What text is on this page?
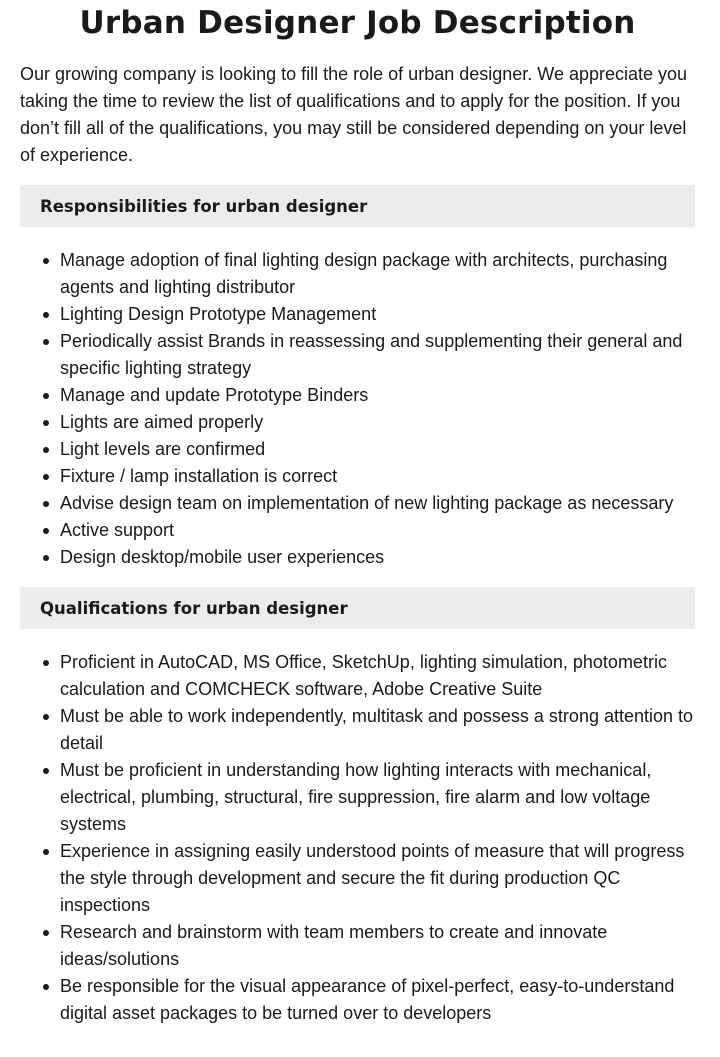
Urban Designer Job Description

Our growing company is looking to fill the role of urban designer. We appreciate you taking the time to review the list of qualifications and to apply for the position. If you don’t fill all of the qualifications, you may still be considered depending on your level of experience.

Responsibilities for urban designer
Manage adoption of final lighting design package with architects, purchasing agents and lighting distributor
Lighting Design Prototype Management
Periodically assist Brands in reassessing and supplementing their general and specific lighting strategy
Manage and update Prototype Binders
Lights are aimed properly
Light levels are confirmed
Fixture / lamp installation is correct
Advise design team on implementation of new lighting package as necessary
Active support
Design desktop/mobile user experiences
Qualifications for urban designer
Proficient in AutoCAD, MS Office, SketchUp, lighting simulation, photometric calculation and COMCHECK software, Adobe Creative Suite
Must be able to work independently, multitask and possess a strong attention to detail
Must be proficient in understanding how lighting interacts with mechanical, electrical, plumbing, structural, fire suppression, fire alarm and low voltage systems
Experience in assigning easily understood points of measure that will progress the style through development and secure the fit during production QC inspections
Research and brainstorm with team members to create and innovate ideas/solutions
Be responsible for the visual appearance of pixel-perfect, easy-to-understand digital asset packages to be turned over to developers
